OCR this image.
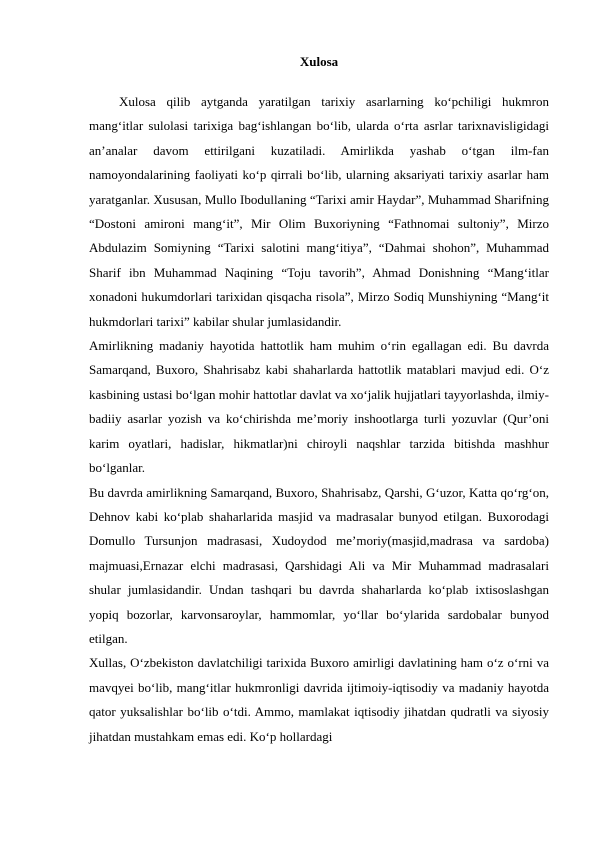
Xulosa

Xulosa qilib aytganda yaratilgan tarixiy asarlarning ko‘pchiligi hukmron mang‘itlar sulolasi tarixiga bag‘ishlangan bo‘lib, ularda o‘rta asrlar tarixnavisligidagi an’analar davom ettirilgani kuzatiladi. Amirlikda yashab o‘tgan ilm-fan namoyondalarining faoliyati ko‘p qirrali bo‘lib, ularning aksariyati tarixiy asarlar ham yaratganlar. Xususan, Mullo Ibodullaning “Tarixi amir Haydar”, Muhammad Sharifning “Dostoni amironi mang‘it”, Mir Olim Buxoriyning “Fathnomai sultoniy”, Mirzo Abdulazim Somiyning “Tarixi salotini mang‘itiya”, “Dahmai shohon”, Muhammad Sharif ibn Muhammad Naqining “Toju tavorih”, Ahmad Donishning “Mang‘itlar xonadoni hukumdorlari tarixidan qisqacha risola”, Mirzo Sodiq Munshiyning “Mang‘it hukmdorlari tarixi” kabilar shular jumlasidandir.

Amirlikning madaniy hayotida hattotlik ham muhim o‘rin egallagan edi. Bu davrda Samarqand, Buxoro, Shahrisabz kabi shaharlarda hattotlik matablari mavjud edi. O‘z kasbining ustasi bo‘lgan mohir hattotlar davlat va xo‘jalik hujjatlari tayyorlashda, ilmiy-badiiy asarlar yozish va ko‘chirishda me’moriy inshootlarga turli yozuvlar (Qur’oni karim oyatlari, hadislar, hikmatlar)ni chiroyli naqshlar tarzida bitishda mashhur bo‘lganlar.

Bu davrda amirlikning Samarqand, Buxoro, Shahrisabz, Qarshi, G‘uzor, Katta qo‘rg‘on, Dehnov kabi ko‘plab shaharlarida masjid va madrasalar bunyod etilgan. Buxorodagi Domullo Tursunjon madrasasi, Xudoydod me’moriy(masjid,madrasa va sardoba) majmuasi,Ernazar elchi madrasasi, Qarshidagi Ali va Mir Muhammad madrasalari shular jumlasidandir. Undan tashqari bu davrda shaharlarda ko‘plab ixtisoslashgan yopiq bozorlar, karvonsaroylar, hammomlar, yo‘llar bo‘ylarida sardobalar bunyod etilgan.

Xullas, O‘zbekiston davlatchiligi tarixida Buxoro amirligi davlatining ham o‘z o‘rni va mavqyei bo‘lib, mang‘itlar hukmronligi davrida ijtimoiy-iqtisodiy va madaniy hayotda qator yuksalishlar bo‘lib o‘tdi. Ammo, mamlakat iqtisodiy jihatdan qudratli va siyosiy jihatdan mustahkam emas edi. Ko‘p hollardagi
